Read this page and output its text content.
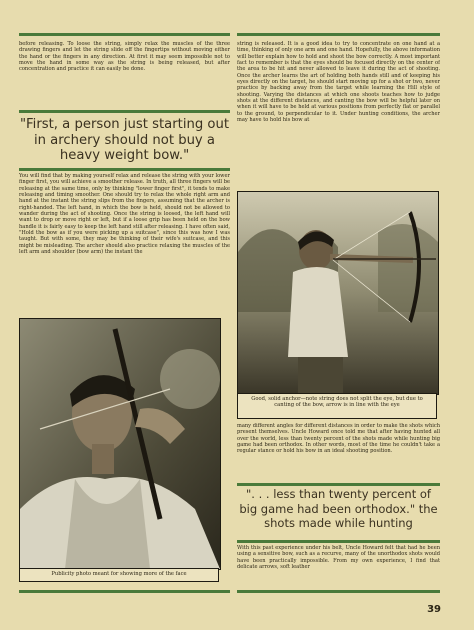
before releasing. To loose the string, simply relax the muscles of the three drawing fingers and let the string slide off the fingertips without moving either the hand or the fingers in any direction. At first it may seem impossible not to move the hand in some way as the string is being released, but after concentration and practice it can easily be done.

"First, a person just starting out in archery should not buy a heavy weight bow."

You will find that by making yourself relax and release the string with your lower finger first, you will achieve a smoother release. In truth, all three fingers will be releasing at the same time, only by thinking "lower finger first", it tends to make releasing and timing smoother. One should try to relax the whole right arm and hand at the instant the string slips from the fingers, assuming that the archer is right-handed. The left hand, in which the bow is held, should not be allowed to wander during the act of shooting. Once the string is loosed, the left hand will want to drop or move right or left, but if a loose grip has been held on the bow handle it is fairly easy to keep the left hand still after releasing. I have often said, "Hold the bow as if you were picking up a suitcase", since this was how I was taught. But with some, they may be thinking of their wife's suitcase, and this might be misleading. The archer should also practice relaxing the muscles of the left arm and shoulder (bow arm) the instant the

Publicity photo meant for showing more of the face

string is released. It is a good idea to try to concentrate on one hand at a time, thinking of only one arm and one hand. Hopefully, the above information will better explain how to hold and shoot the bow correctly. A most important fact to remember is that the eyes should be focused directly on the center of the area to be hit and never allowed to leave it during the act of shooting. Once the archer learns the art of holding both hands still and of keeping his eyes directly on the target, he should start moving up for a shot or two, never practice by backing away from the target while learning the Hill style of shooting. Varying the distances at which one shoots teaches how to judge shots at the different distances, and canting the bow will be helpful later on when it will have to be held at various positions from perfectly flat or parallel to the ground, to perpendicular to it. Under hunting conditions, the archer may have to hold his bow at

Good, solid anchor—note string does not split the eye, but due to canting of the bow, arrow is in line with the eye

many different angles for different distances in order to make the shots which present themselves. Uncle Howard once told me that after having hunted all over the world, less than twenty percent of the shots made while hunting big game had been orthodox. In other words, most of the time he couldn't take a regular stance or hold his bow in an ideal shooting position.

". . . less than twenty percent of big game had been orthodox." the shots made while hunting

With this past experience under his belt, Uncle Howard felt that had he been using a sensitive bow, such as a recurve, many of the unorthodox shots would have been practically impossible. From my own experience, I find that delicate arrows, soft leather

39
